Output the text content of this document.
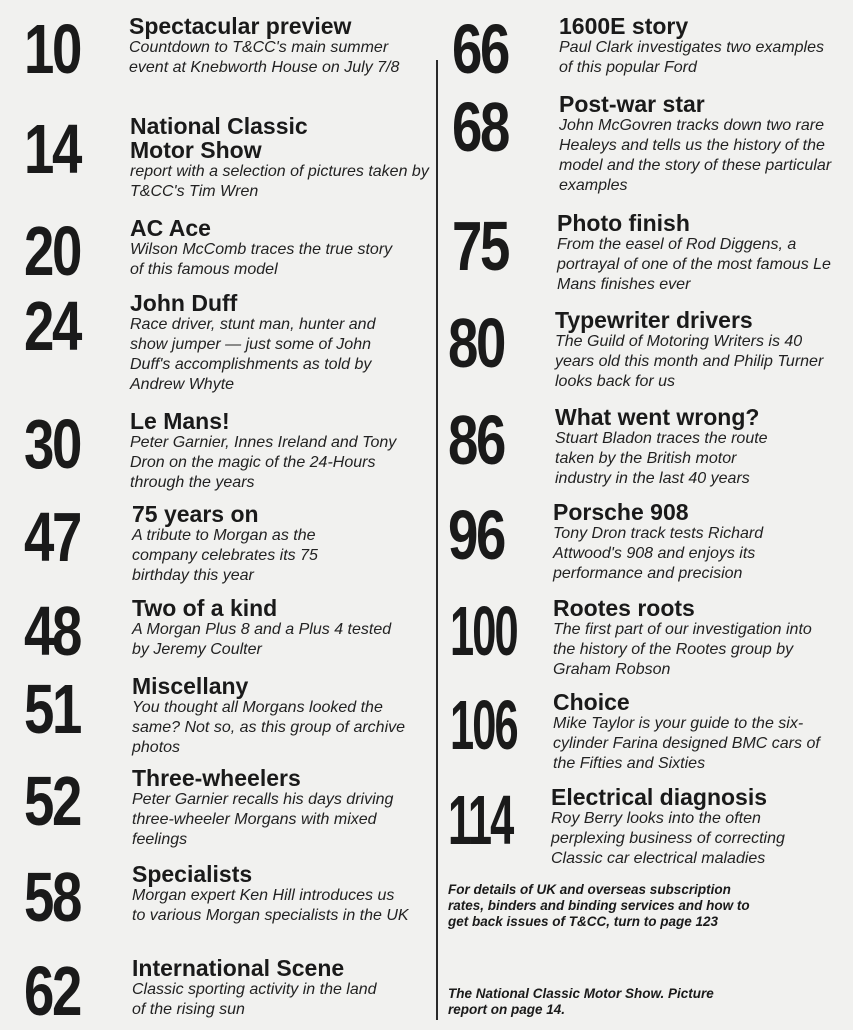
10 Spectacular preview
Countdown to T&CC's main summer event at Knebworth House on July 7/8
14 National Classic Motor Show
report with a selection of pictures taken by T&CC's Tim Wren
20 AC Ace
Wilson McComb traces the true story of this famous model
24 John Duff
Race driver, stunt man, hunter and show jumper — just some of John Duff's accomplishments as told by Andrew Whyte
30 Le Mans!
Peter Garnier, Innes Ireland and Tony Dron on the magic of the 24-Hours through the years
47 75 years on
A tribute to Morgan as the company celebrates its 75 birthday this year
48 Two of a kind
A Morgan Plus 8 and a Plus 4 tested by Jeremy Coulter
51 Miscellany
You thought all Morgans looked the same? Not so, as this group of archive photos
52 Three-wheelers
Peter Garnier recalls his days driving three-wheeler Morgans with mixed feelings
58 Specialists
Morgan expert Ken Hill introduces us to various Morgan specialists in the UK
62 International Scene
Classic sporting activity in the land of the rising sun
66 1600E story
Paul Clark investigates two examples of this popular Ford
68 Post-war star
John McGovren tracks down two rare Healeys and tells us the history of the model and the story of these particular examples
75 Photo finish
From the easel of Rod Diggens, a portrayal of one of the most famous Le Mans finishes ever
80 Typewriter drivers
The Guild of Motoring Writers is 40 years old this month and Philip Turner looks back for us
86 What went wrong?
Stuart Bladon traces the route taken by the British motor industry in the last 40 years
96 Porsche 908
Tony Dron track tests Richard Attwood's 908 and enjoys its performance and precision
100 Rootes roots
The first part of our investigation into the history of the Rootes group by Graham Robson
106 Choice
Mike Taylor is your guide to the six-cylinder Farina designed BMC cars of the Fifties and Sixties
114 Electrical diagnosis
Roy Berry looks into the often perplexing business of correcting Classic car electrical maladies
For details of UK and overseas subscription rates, binders and binding services and how to get back issues of T&CC, turn to page 123
The National Classic Motor Show. Picture report on page 14.
